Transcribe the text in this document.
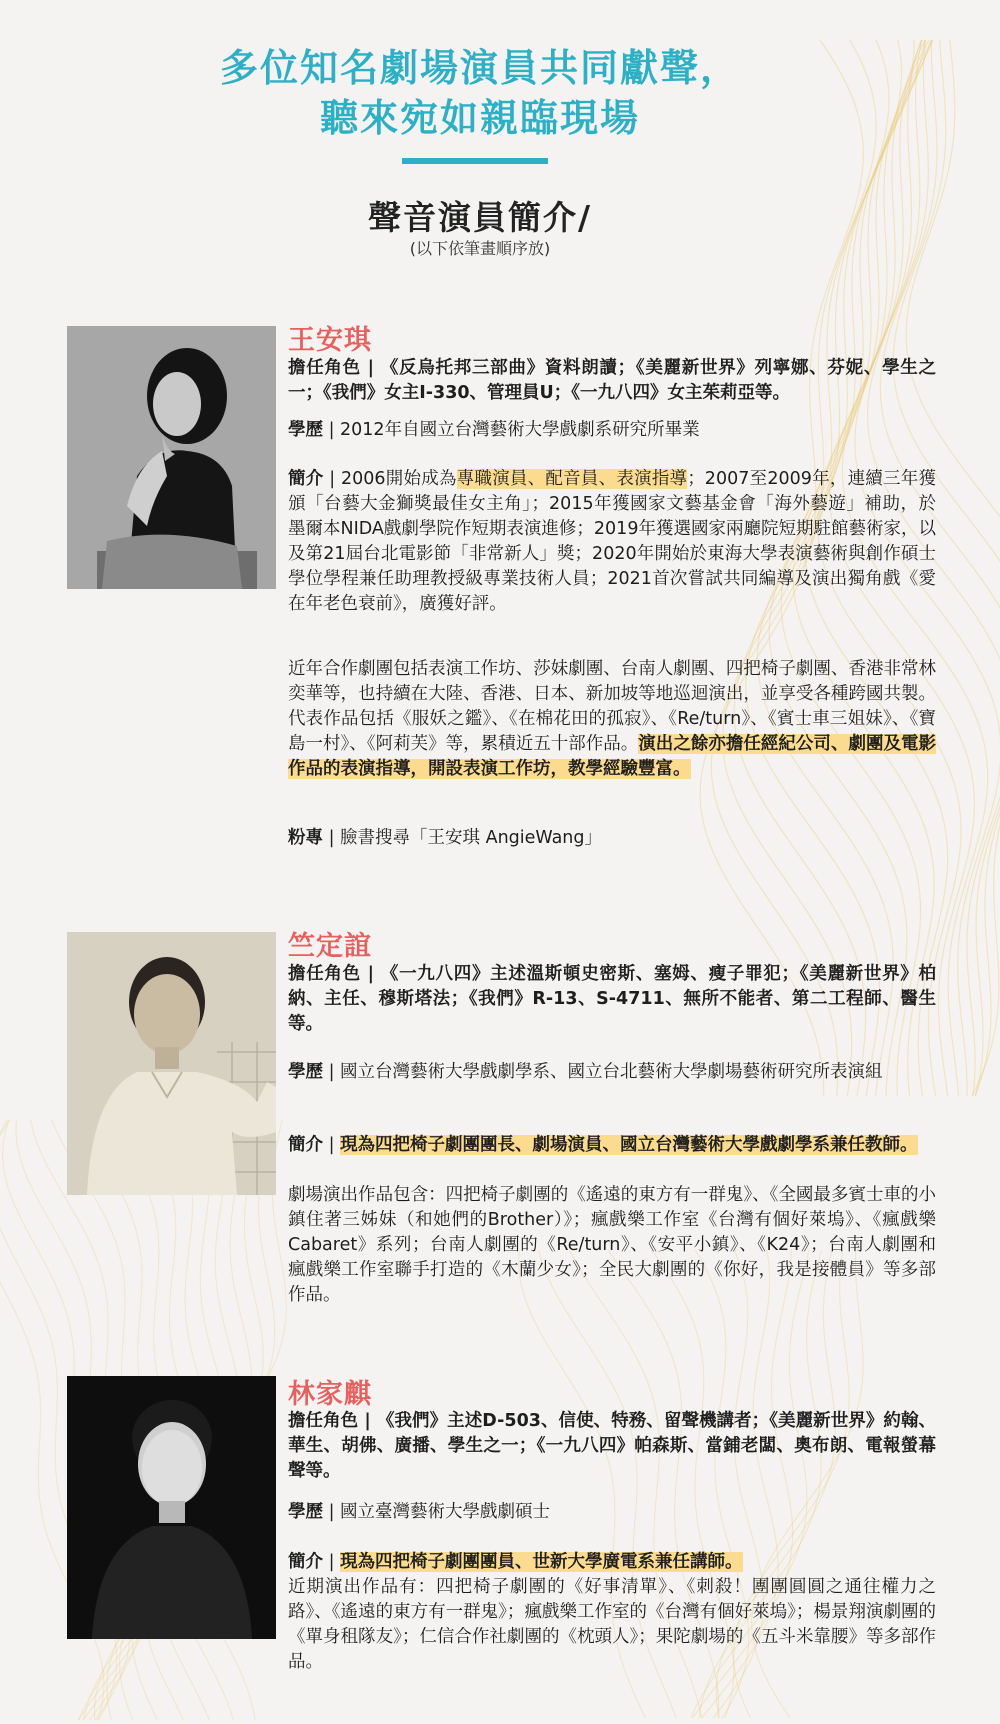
多位知名劇場演員共同獻聲，
聽來宛如親臨現場
聲音演員簡介/
(以下依筆畫順序放)
王安琪
擔任角色 | 《反烏托邦三部曲》資料朗讀；《美麗新世界》列寧娜、芬妮、學生之一；《我們》女主I-330、管理員U；《一九八四》女主茱莉亞等。
學歷 | 2012年自國立台灣藝術大學戲劇系研究所畢業
簡介 | 2006開始成為專職演員、配音員、表演指導；2007至2009年，連續三年獲頒「台藝大金獅獎最佳女主角」；2015年獲國家文藝基金會「海外藝遊」補助，於墨爾本NIDA戲劇學院作短期表演進修；2019年獲選國家兩廳院短期駐館藝術家，以及第21屆台北電影節「非常新人」獎；2020年開始於東海大學表演藝術與創作碩士學位學程兼任助理教授級專業技術人員；2021首次嘗試共同編導及演出獨角戲《愛在年老色衰前》，廣獲好評。
近年合作劇團包括表演工作坊、莎妹劇團、台南人劇團、四把椅子劇團、香港非常林奕華等，也持續在大陸、香港、日本、新加坡等地巡迴演出，並享受各種跨國共製。代表作品包括《服妖之鑑》、《在棉花田的孤寂》、《Re/turn》、《賓士車三姐妹》、《寶島一村》、《阿莉芙》等，累積近五十部作品。演出之餘亦擔任經紀公司、劇團及電影作品的表演指導，開設表演工作坊，教學經驗豐富。
粉專 | 臉書搜尋「王安琪 AngieWang」
竺定誼
擔任角色 | 《一九八四》主述溫斯頓史密斯、塞姆、瘦子罪犯；《美麗新世界》柏納、主任、穆斯塔法；《我們》R-13、S-4711、無所不能者、第二工程師、醫生等。
學歷 | 國立台灣藝術大學戲劇學系、國立台北藝術大學劇場藝術研究所表演組
簡介 | 現為四把椅子劇團團長、劇場演員、國立台灣藝術大學戲劇學系兼任教師。
劇場演出作品包含：四把椅子劇團的《遙遠的東方有一群鬼》、《全國最多賓士車的小鎮住著三姊妹（和她們的Brother）》；瘋戲樂工作室《台灣有個好萊塢》、《瘋戲樂Cabaret》系列；台南人劇團的《Re/turn》、《安平小鎮》、《K24》；台南人劇團和瘋戲樂工作室聯手打造的《木蘭少女》；全民大劇團的《你好，我是接體員》等多部作品。
林家麒
擔任角色 | 《我們》主述D-503、信使、特務、留聲機講者；《美麗新世界》約翰、華生、胡佛、廣播、學生之一；《一九八四》帕森斯、當鋪老闆、奧布朗、電報螢幕聲等。
學歷 | 國立臺灣藝術大學戲劇碩士
簡介 | 現為四把椅子劇團團員、世新大學廣電系兼任講師。
近期演出作品有：四把椅子劇團的《好事清單》、《刺殺！團團圓圓之通往權力之路》、《遙遠的東方有一群鬼》；瘋戲樂工作室的《台灣有個好萊塢》；楊景翔演劇團的《單身租隊友》；仁信合作社劇團的《枕頭人》；果陀劇場的《五斗米靠腰》等多部作品。
